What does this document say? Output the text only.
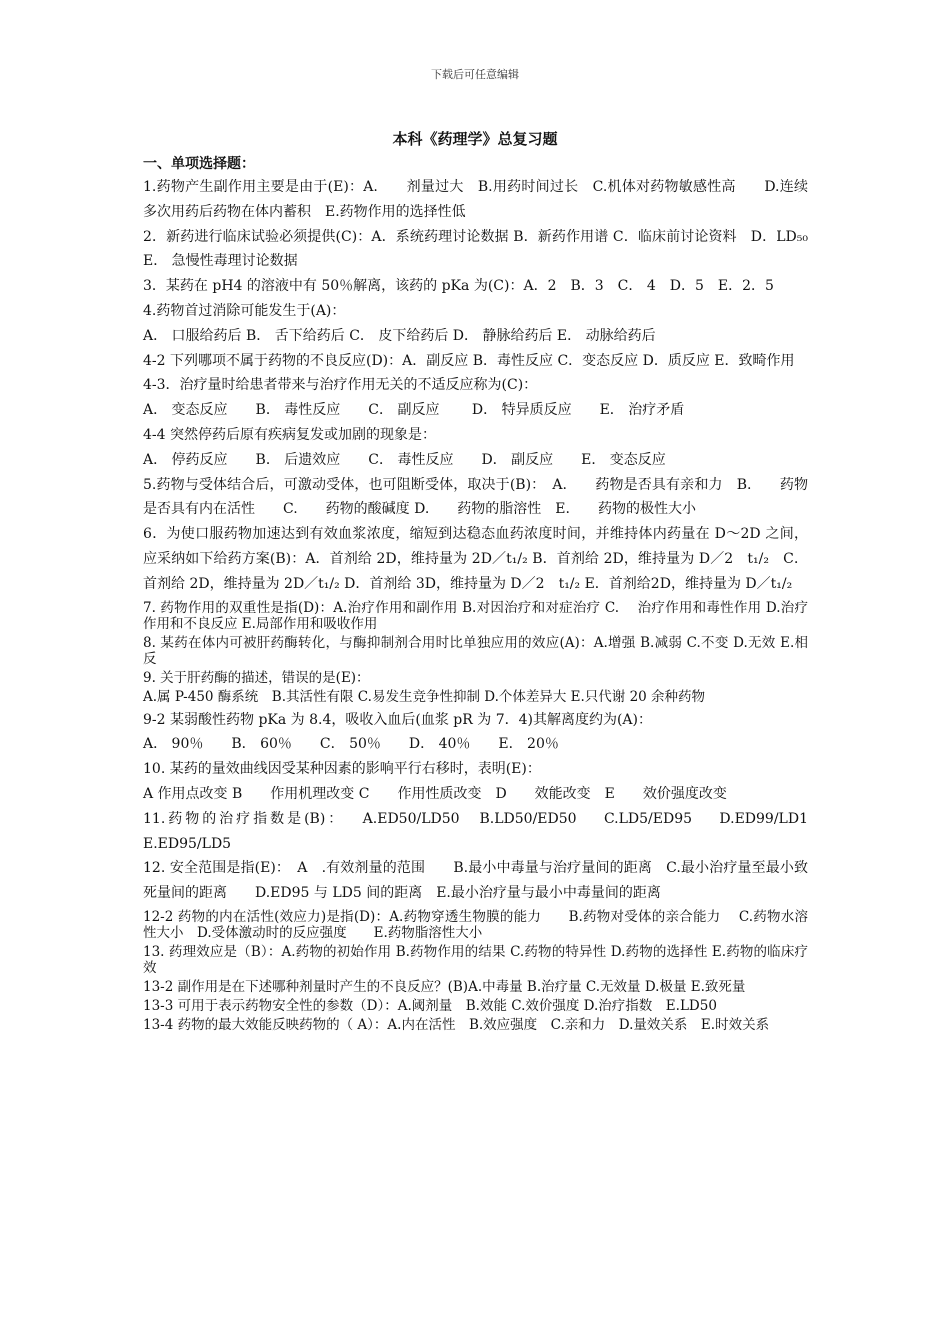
下载后可任意编辑
本科《药理学》总复习题
一、单项选择题：

1.药物产生副作用主要是由于(E)：A.　　剂量过大　B.用药时间过长　C.机体对药物敏感性高　　D.连续多次用药后药物在体内蓄积　E.药物作用的选择性低

2．新药进行临床试验必须提供(C)：A．系统药理讨论数据 B．新药作用谱 C．临床前讨论资料　D．LD₅₀ E． 急慢性毒理讨论数据

3．某药在 pH4 的溶液中有 50％解离，该药的 pKa 为(C)：A．2　B．3　C． 4　D．5　E．2．5

4.药物首过消除可能发生于(A)：

A． 口服给药后 B． 舌下给药后 C． 皮下给药后 D． 静脉给药后 E． 动脉给药后

4-2 下列哪项不属于药物的不良反应(D)：A．副反应 B．毒性反应 C．变态反应 D．质反应 E．致畸作用

4-3．治疗量时给患者带来与治疗作用无关的不适反应称为(C)：

A． 变态反应　　B． 毒性反应　　C． 副反应　　 D． 特异质反应　　E． 治疗矛盾

4-4 突然停药后原有疾病复发或加剧的现象是：

A． 停药反应　　B． 后遗效应　　C． 毒性反应　　D． 副反应　　E． 变态反应

5.药物与受体结合后，可激动受体，也可阻断受体，取决于(B)：　A.　　药物是否具有亲和力　B.　　药物是否具有内在活性　　C.　　药物的酸碱度 D.　　药物的脂溶性　E.　　药物的极性大小

6．为使口服药物加速达到有效血浆浓度，缩短到达稳态血药浓度时间，并维持体内药量在 D～2D 之间，应采纳如下给药方案(B)：A．首剂给 2D，维持量为 2D／t₁/₂ B．首剂给 2D，维持量为 D／2　t₁/₂　C． 首剂给 2D，维持量为 2D／t₁/₂ D．首剂给 3D，维持量为 D／2　t₁/₂ E．首剂给2D，维持量为 D／t₁/₂

7. 药物作用的双重性是指(D)：A.治疗作用和副作用 B.对因治疗和对症治疗 C.　 治疗作用和毒性作用 D.治疗作用和不良反应 E.局部作用和吸收作用

8. 某药在体内可被肝药酶转化，与酶抑制剂合用时比单独应用的效应(A)：A.增强 B.减弱 C.不变 D.无效 E.相反

9. 关于肝药酶的描述，错误的是(E)：

A.属 P-450 酶系统　B.其活性有限 C.易发生竞争性抑制 D.个体差异大 E.只代谢 20 余种药物

9-2 某弱酸性药物 pKa 为 8.4，吸收入血后(血浆 pR 为 7．4)其解离度约为(A)：

A． 90％　　B． 60％　　C． 50％　　D． 40％　　E． 20％

10. 某药的量效曲线因受某种因素的影响平行右移时，表明(E)：

A 作用点改变 B　　作用机理改变 C　　作用性质改变　D　　效能改变　E　　效价强度改变

11.药物的治疗指数是(B)：　 A.ED50/LD50　B.LD50/ED50　 C.LD5/ED95　 D.ED99/LD1　 E.ED95/LD5

12. 安全范围是指(E)：　A　.有效剂量的范围　　B.最小中毒量与治疗量间的距离　C.最小治疗量至最小致死量间的距离　　D.ED95 与 LD5 间的距离　E.最小治疗量与最小中毒量间的距离

12-2 药物的内在活性(效应力)是指(D)：A.药物穿透生物膜的能力　　B.药物对受体的亲合能力　 C.药物水溶性大小　D.受体激动时的反应强度　　E.药物脂溶性大小

13. 药理效应是（B）：A.药物的初始作用 B.药物作用的结果 C.药物的特异性 D.药物的选择性 E.药物的临床疗效

13-2 副作用是在下述哪种剂量时产生的不良反应？(B)A.中毒量 B.治疗量 C.无效量 D.极量 E.致死量

13-3 可用于表示药物安全性的参数（D）：A.阈剂量　B.效能 C.效价强度 D.治疗指数　E.LD50

13-4 药物的最大效能反映药物的（ A）：A.内在活性　B.效应强度　C.亲和力　D.量效关系　E.时效关系
